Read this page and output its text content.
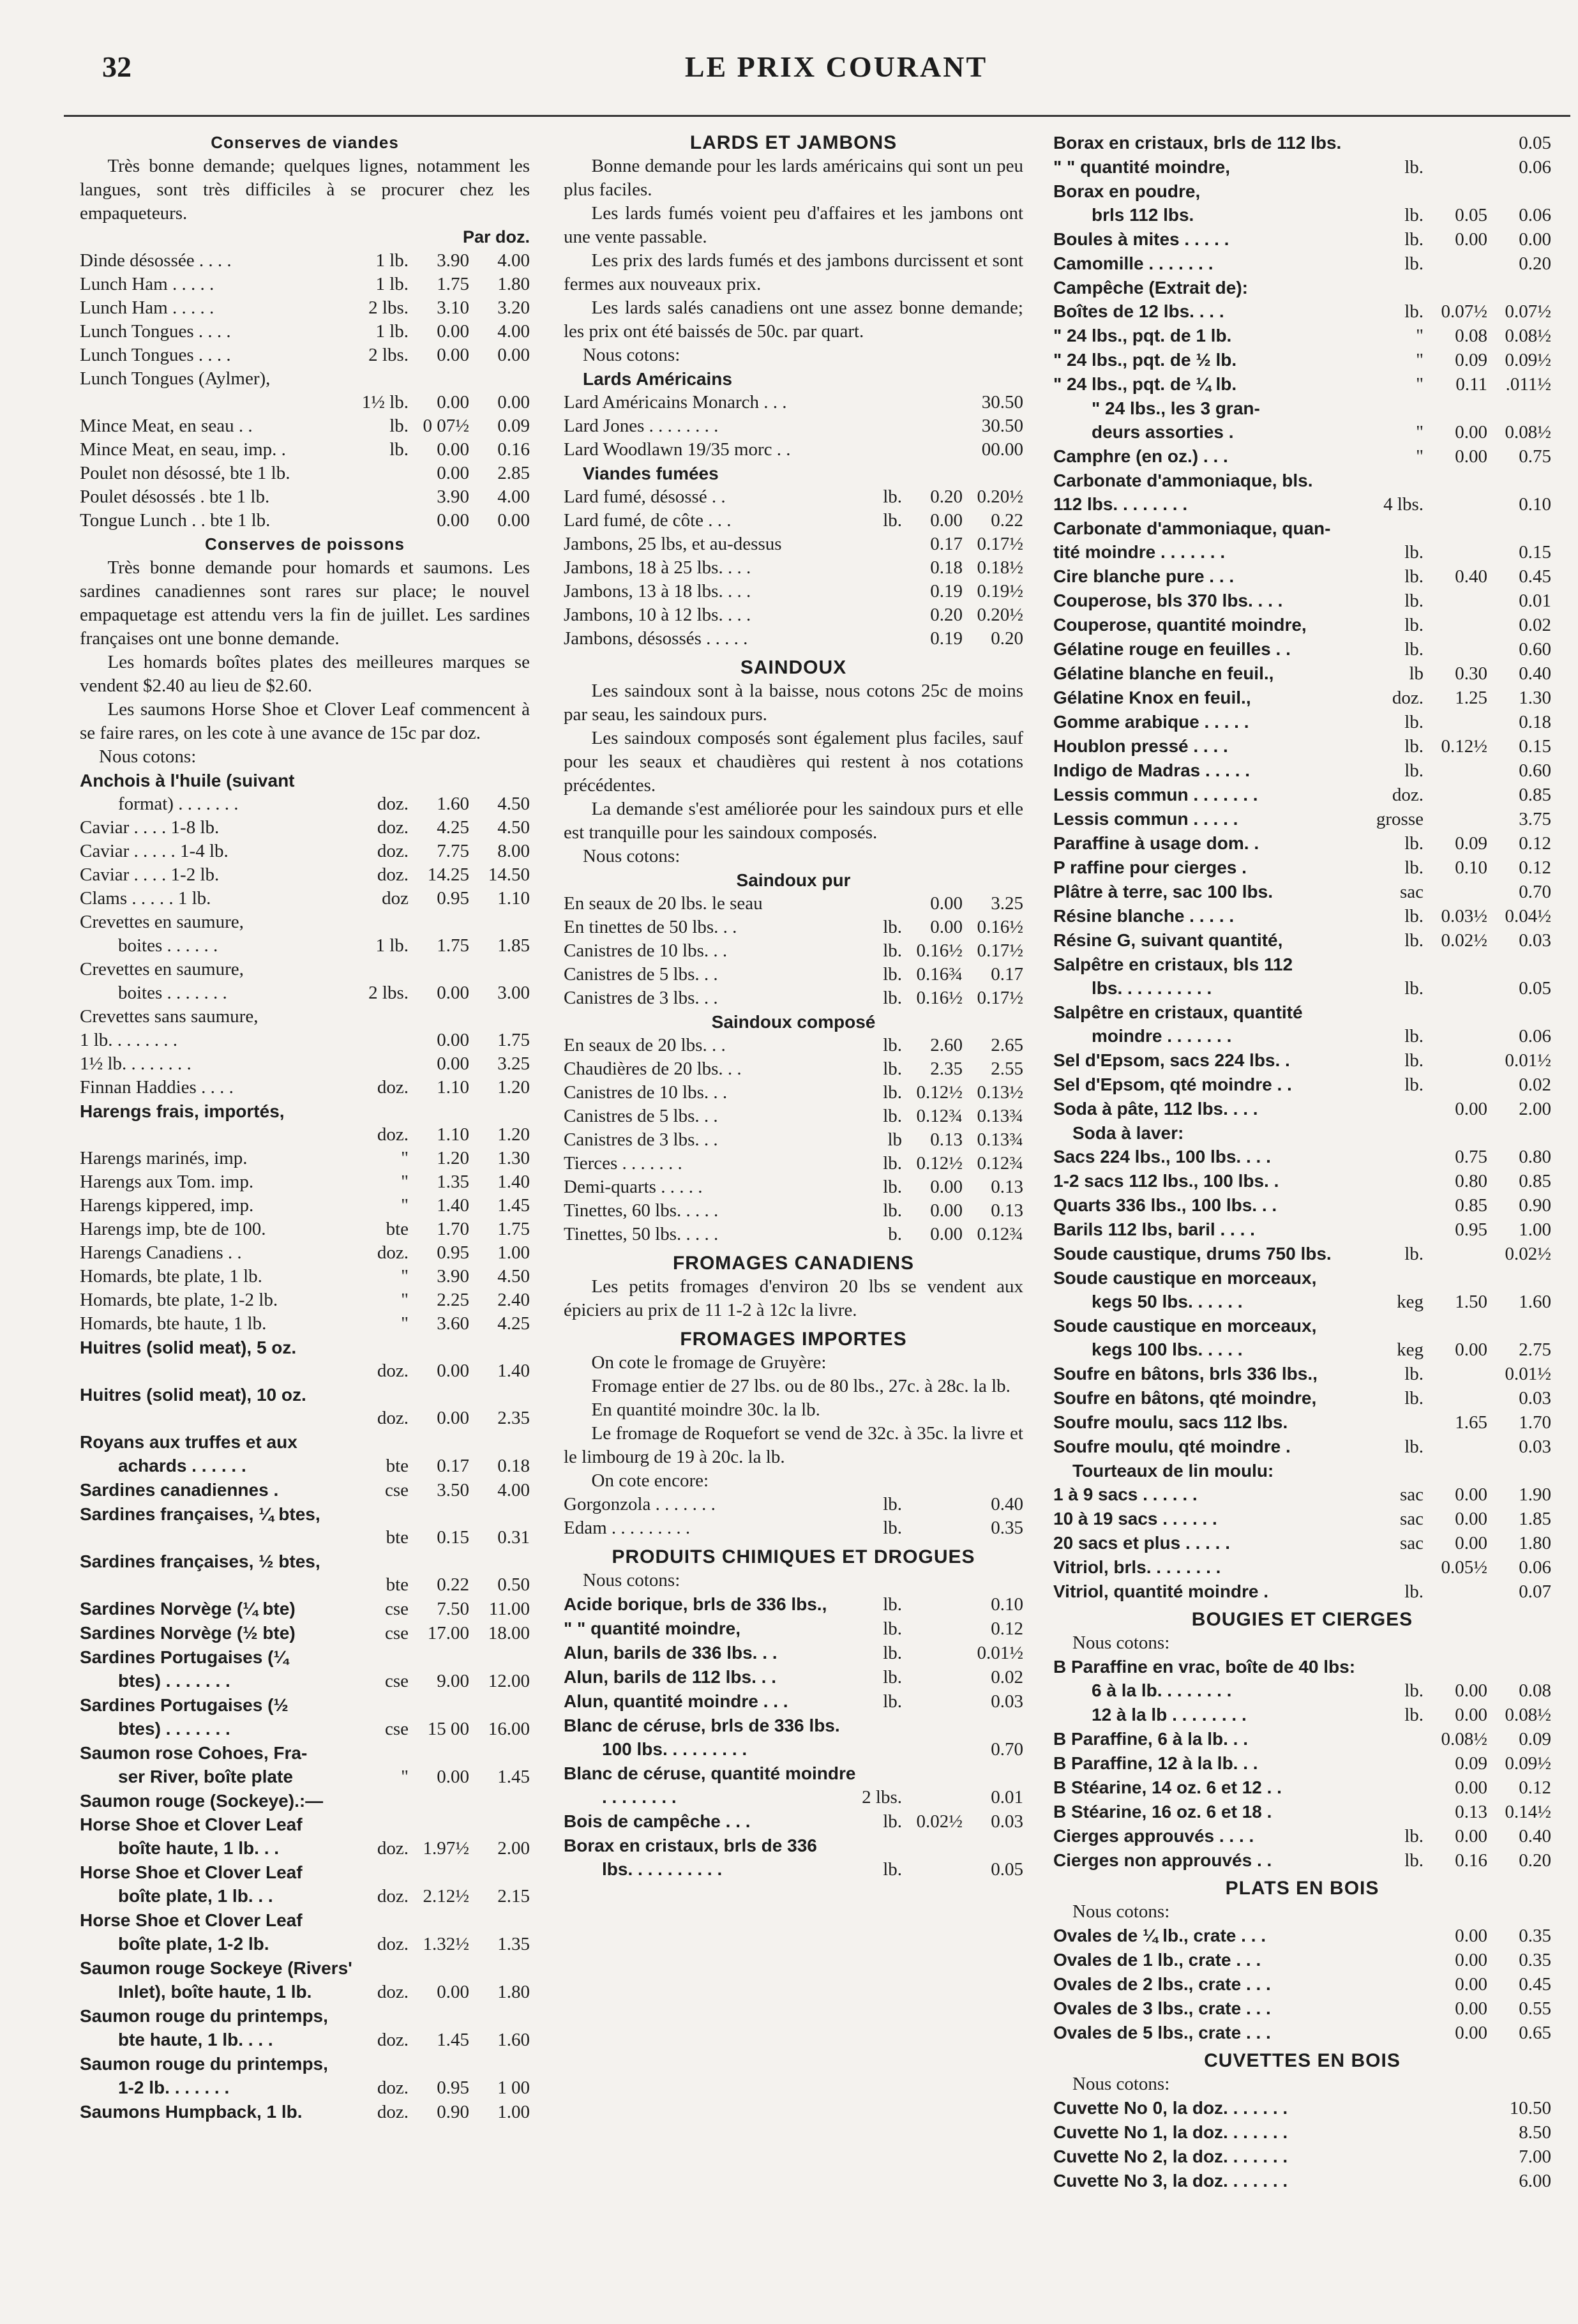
32	LE PRIX COURANT
Conserves de viandes
Très bonne demande; quelques lignes, notamment les langues, sont très difficiles à se procurer chez les empaqueteurs.
Par doz.
Dinde désossée . . . .	1 lb.	3.90	4.00
Lunch Ham . . . . .	1 lb.	1.75	1.80
Lunch Ham . . . . .	2 lbs.	3.10	3.20
Lunch Tongues . . . .	1 lb.	0.00	4.00
Lunch Tongues . . . .	2 lbs.	0.00	0.00
Lunch Tongues (Aylmer),
1½ lb.	0.00	0.00
Mince Meat, en seau . .	lb. 0 07½	0.09
Mince Meat, en seau, imp. .	lb.	0.00	0.16
Poulet non désossé, bte 1 lb.	0.00	2.85
Poulet désossés . bte 1 lb.	3.90	4.00
Tongue Lunch . . bte 1 lb.	0.00	0.00
Conserves de poissons
Très bonne demande pour homards et saumons. Les sardines canadiennes sont rares sur place; le nouvel empaquetage est attendu vers la fin de juillet. Les sardines françaises ont une bonne demande.
Les homards boîtes plates des meilleures marques se vendent $2.40 au lieu de $2.60.
Les saumons Horse Shoe et Clover Leaf commencent à se faire rares, on les cote à une avance de 15c par doz.
Nous cotons:
Anchois à l'huile (suivant
format) . . . . . . .	doz.	1.60	4.50
Caviar . . . . 1-8 lb.	doz.	4.25	4.50
Caviar . . . . . 1-4 lb.	doz.	7.75	8.00
Caviar . . . . 1-2 lb.	doz.	14.25	14.50
Clams . . . . . 1 lb.	doz	0.95	1.10
Crevettes en saumure,
boites . . . . . .	1 lb.	1.75	1.85
Crevettes en saumure,
boites . . . . . . .	2 lbs.	0.00	3.00
Crevettes sans saumure,
1 lb. . . . . . . .	0.00	1.75
1½ lb. . . . . . . .	0.00	3.25
Finnan Haddies . . . .	doz.	1.10	1.20
Harengs frais, importés,
doz.	1.10	1.20
Harengs marinés, imp.	"	1.20	1.30
Harengs aux Tom. imp.	"	1.35	1.40
Harengs kippered, imp.	"	1.40	1.45
Harengs imp, bte de 100.	bte	1.70	1.75
Harengs Canadiens . .	doz.	0.95	1.00
Homards, bte plate, 1 lb.	"	3.90	4.50
Homards, bte plate, 1-2 lb.	"	2.25	2.40
Homards, bte haute, 1 lb.	"	3.60	4.25
Huitres (solid meat), 5 oz.
doz.	0.00	1.40
Huitres (solid meat), 10 oz.
doz.	0.00	2.35
Royans aux truffes et aux
achards . . . . . .	bte	0.17	0.18
Sardines canadiennes .	cse	3.50	4.00
Sardines françaises, ¼ btes,
bte	0.15	0.31
Sardines françaises, ½ btes,
bte	0.22	0.50
Sardines Norvège (¼ bte)	cse	7.50	11.00
Sardines Norvège (½ bte)	cse	17.00	18.00
Sardines Portugaises (¼
btes) . . . . . . .	cse	9.00	12.00
Sardines Portugaises (½
btes) . . . . . . .	cse	15 00	16.00
Saumon rose Cohoes, Fra-
ser River, boîte plate	"	0.00	1.45
Saumon rouge (Sockeye).:—
Horse Shoe et Clover Leaf
boîte haute, 1 lb. . .	doz. 1.97½	2.00
Horse Shoe et Clover Leaf
boîte plate, 1 lb. . .	doz. 2.12½	2.15
Horse Shoe et Clover Leaf
boîte plate, 1-2 lb.	doz. 1.32½	1.35
Saumon rouge Sockeye (Rivers'
Inlet), boîte haute, 1 lb.	doz.	0.00	1.80
Saumon rouge du printemps,
bte haute, 1 lb. . . .	doz.	1.45	1.60
Saumon rouge du printemps,
1-2 lb. . . . . . .	doz.	0.95	1 00
Saumons Humpback, 1 lb.	doz.	0.90	1.00
LARDS ET JAMBONS
Bonne demande pour les lards américains qui sont un peu plus faciles.
Les lards fumés voient peu d'affaires et les jambons ont une vente passable.
Les prix des lards fumés et des jambons durcissent et sont fermes aux nouveaux prix.
Les lards salés canadiens ont une assez bonne demande; les prix ont été baissés de 50c. par quart.
Nous cotons:
Lards Américains
Lard Américains Monarch . . .	30.50
Lard Jones . . . . . . . .	30.50
Lard Woodlawn 19/35 morc . .	00.00
Viandes fumées
Lard fumé, désossé . .	lb.	0.20 0.20½
Lard fumé, de côte . . .	lb.	0.00	0.22
Jambons, 25 lbs, et au-dessus	0.17 0.17½
Jambons, 18 à 25 lbs. . . .	0.18 0.18½
Jambons, 13 à 18 lbs. . . .	0.19 0.19½
Jambons, 10 à 12 lbs. . . .	0.20 0.20½
Jambons, désossés . . . . .	0.19	0.20
SAINDOUX
Les saindoux sont à la baisse, nous cotons 25c de moins par seau, les saindoux purs.
Les saindoux composés sont également plus faciles, sauf pour les seaux et chaudières qui restent à nos cotations précédentes.
La demande s'est améliorée pour les saindoux purs et elle est tranquille pour les saindoux composés.
Nous cotons:
Saindoux pur
En seaux de 20 lbs. le seau	0.00	3.25
En tinettes de 50 lbs. . .	lb.	0.00 0.16½
Canistres de 10 lbs. . .	lb. 0.16½ 0.17½
Canistres de 5 lbs. . .	lb. 0.16¾	0.17
Canistres de 3 lbs. . .	lb. 0.16½ 0.17½
Saindoux composé
En seaux de 20 lbs. . .	lb.	2.60	2.65
Chaudières de 20 lbs. . .	lb.	2.35	2.55
Canistres de 10 lbs. . .	lb. 0.12½ 0.13½
Canistres de 5 lbs. . .	lb. 0.12¾ 0.13¾
Canistres de 3 lbs. . .	lb	0.13 0.13¾
Tierces . . . . . . .	lb. 0.12½ 0.12¾
Demi-quarts . . . . .	lb.	0.00	0.13
Tinettes, 60 lbs. . . . .	lb.	0.00	0.13
Tinettes, 50 lbs. . . . .	b.	0.00 0.12¾
FROMAGES CANADIENS
Les petits fromages d'environ 20 lbs se vendent aux épiciers au prix de 11 1-2 à 12c la livre.
FROMAGES IMPORTES
On cote le fromage de Gruyère:
Fromage entier de 27 lbs. ou de 80 lbs., 27c. à 28c. la lb.
En quantité moindre 30c. la lb.
Le fromage de Roquefort se vend de 32c. à 35c. la livre et le limbourg de 19 à 20c. la lb.
On cote encore:
Gorgonzola . . . . . . .	lb.	0.40
Edam . . . . . . . . .	lb.	0.35
PRODUITS CHIMIQUES ET DROGUES
Nous cotons:
Acide borique, brls de 336 lbs.,	lb.	0.10
" " quantité moindre,	lb.	0.12
Alun, barils de 336 lbs. . .	lb.	0.01½
Alun, barils de 112 lbs. . .	lb.	0.02
Alun, quantité moindre . . .	lb.	0.03
Blanc de céruse, brls de 336 lbs.
100 lbs. . . . . . . . .	0.70
Blanc de céruse, quantité moindre
. . . . . . . .	2 lbs.	0.01
Bois de campêche . . .	lb. 0.02½	0.03
Borax en cristaux, brls de 336
lbs. . . . . . . . . .	lb.	0.05
Borax en cristaux, brls de 112 lbs.	0.05
" " quantité moindre,	lb.	0.06
Borax en poudre,
brls 112 lbs.	lb.	0.05	0.06
Boules à mites . . . . .	lb.	0.00	0.00
Camomille . . . . . . .	lb.	0.20
Campêche (Extrait de):
Boîtes de 12 lbs. . . .	lb. 0.07½ 0.07½
" 24 lbs., pqt. de 1 lb.	"	0.08 0.08½
" 24 lbs., pqt. de ½ lb.	"	0.09 0.09½
" 24 lbs., pqt. de ¼ lb.	"	0.11 .011½
" 24 lbs., les 3 gran-
deurs assorties .	"	0.00 0.08½
Camphre (en oz.) . . .	"	0.00	0.75
Carbonate d'ammoniaque, bls.
112 lbs. . . . . . . .	4 lbs.	0.10
Carbonate d'ammoniaque, quan-
tité moindre . . . . . . .	lb.	0.15
Cire blanche pure . . .	lb.	0.40	0.45
Couperose, bls 370 lbs. . . .	lb.	0.01
Couperose, quantité moindre,	lb.	0.02
Gélatine rouge en feuilles . .	lb.	0.60
Gélatine blanche en feuil.,	lb	0.30	0.40
Gélatine Knox en feuil.,	doz.	1.25	1.30
Gomme arabique . . . . .	lb.	0.18
Houblon pressé . . . .	lb. 0.12½	0.15
Indigo de Madras . . . . .	lb.	0.60
Lessis commun . . . . . . .	doz.	0.85
Lessis commun . . . . .	grosse	3.75
Paraffine à usage dom. .	lb.	0.09	0.12
P raffine pour cierges .	lb.	0.10	0.12
Plâtre à terre, sac 100 lbs.	sac	0.70
Résine blanche . . . . .	lb. 0.03½ 0.04½
Résine G, suivant quantité,	lb. 0.02½	0.03
Salpêtre en cristaux, bls 112
lbs. . . . . . . . . .	lb.	0.05
Salpêtre en cristaux, quantité
moindre . . . . . . .	lb.	0.06
Sel d'Epsom, sacs 224 lbs. .	lb.	0.01½
Sel d'Epsom, qté moindre . .	lb.	0.02
Soda à pâte, 112 lbs. . . .	0.00	2.00
Soda à laver:
Sacs 224 lbs., 100 lbs. . . .	0.75	0.80
1-2 sacs 112 lbs., 100 lbs. .	0.80	0.85
Quarts 336 lbs., 100 lbs. . .	0.85	0.90
Barils 112 lbs, baril . . . .	0.95	1.00
Soude caustique, drums 750 lbs.	lb.	0.02½
Soude caustique en morceaux,
kegs 50 lbs. . . . . .	keg	1.50	1.60
Soude caustique en morceaux,
kegs 100 lbs. . . . .	keg	0.00	2.75
Soufre en bâtons, brls 336 lbs.,	lb.	0.01½
Soufre en bâtons, qté moindre,	lb.	0.03
Soufre moulu, sacs 112 lbs.	1.65	1.70
Soufre moulu, qté moindre .	lb.	0.03
Tourteaux de lin moulu:
1 à 9 sacs . . . . . .	sac	0.00	1.90
10 à 19 sacs . . . . . .	sac	0.00	1.85
20 sacs et plus . . . . .	sac	0.00	1.80
Vitriol, brls. . . . . . . .	0.05½	0.06
Vitriol, quantité moindre .	lb.	0.07
BOUGIES ET CIERGES
Nous cotons:
B Paraffine en vrac, boîte de 40 lbs:
6 à la lb. . . . . . . .	lb.	0.00	0.08
12 à la lb . . . . . . . .	lb.	0.00 0.08½
B Paraffine, 6 à la lb. . .	0.08½	0.09
B Paraffine, 12 à la lb. . .	0.09 0.09½
B Stéarine, 14 oz. 6 et 12 . .	0.00	0.12
B Stéarine, 16 oz. 6 et 18 .	0.13 0.14½
Cierges approuvés . . . .	lb.	0.00	0.40
Cierges non approuvés . .	lb.	0.16	0.20
PLATS EN BOIS
Nous cotons:
Ovales de ¼ lb., crate . . .	0.00	0.35
Ovales de 1 lb., crate . . .	0.00	0.35
Ovales de 2 lbs., crate . . .	0.00	0.45
Ovales de 3 lbs., crate . . .	0.00	0.55
Ovales de 5 lbs., crate . . .	0.00	0.65
CUVETTES EN BOIS
Nous cotons:
Cuvette No 0, la doz. . . . . . .	10.50
Cuvette No 1, la doz. . . . . . .	8.50
Cuvette No 2, la doz. . . . . . .	7.00
Cuvette No 3, la doz. . . . . . .	6.00
